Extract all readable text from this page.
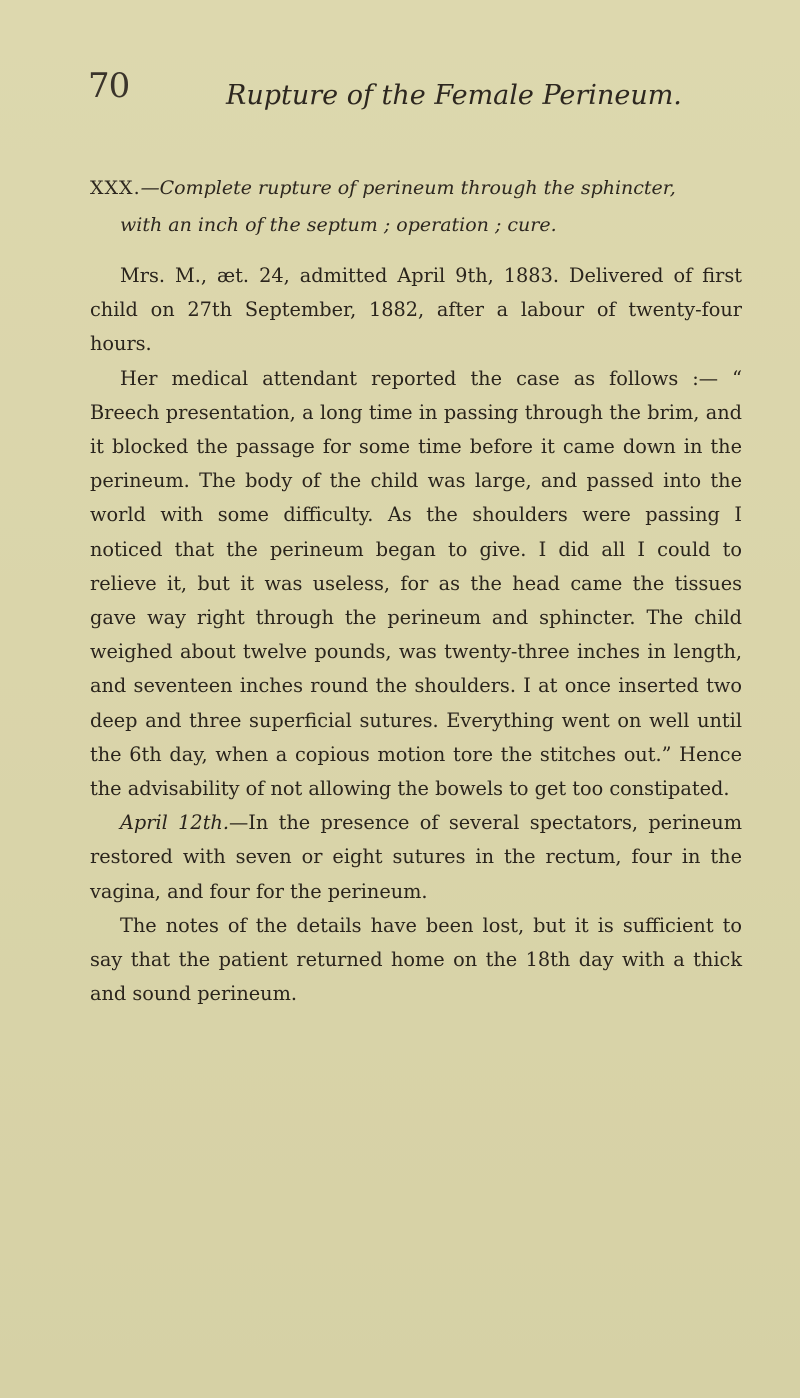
70	Rupture of the Female Perineum.
XXX.—Complete rupture of perineum through the sphincter,
with an inch of the septum ; operation ; cure.

Mrs. M., æt. 24, admitted April 9th, 1883. Delivered of first child on 27th September, 1882, after a labour of twenty-four hours.

Her medical attendant reported the case as follows :— “ Breech presentation, a long time in passing through the brim, and it blocked the passage for some time before it came down in the perineum. The body of the child was large, and passed into the world with some difficulty. As the shoulders were passing I noticed that the perineum began to give. I did all I could to relieve it, but it was useless, for as the head came the tissues gave way right through the perineum and sphincter. The child weighed about twelve pounds, was twenty-three inches in length, and seventeen inches round the shoulders. I at once inserted two deep and three superficial sutures. Everything went on well until the 6th day, when a copious motion tore the stitches out.” Hence the advisability of not allowing the bowels to get too constipated.

April 12th.—In the presence of several spectators, perineum restored with seven or eight sutures in the rectum, four in the vagina, and four for the perineum.

The notes of the details have been lost, but it is sufficient to say that the patient returned home on the 18th day with a thick and sound perineum.
